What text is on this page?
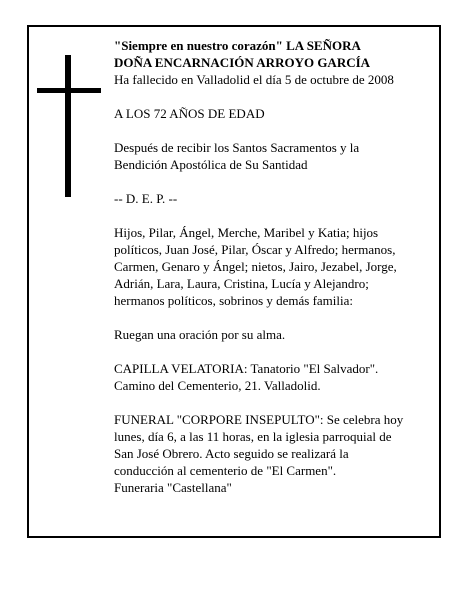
"Siempre en nuestro corazón" LA SEÑORA
DOÑA ENCARNACIÓN ARROYO GARCÍA
Ha fallecido en Valladolid el día 5 de octubre de 2008

A LOS 72 AÑOS DE EDAD

Después de recibir los Santos Sacramentos y la
Bendición Apostólica de Su Santidad

-- D. E. P. --

Hijos, Pilar, Ángel, Merche, Maribel y Katia; hijos
políticos, Juan José, Pilar, Óscar y Alfredo; hermanos,
Carmen, Genaro y Ángel; nietos, Jairo, Jezabel, Jorge,
Adrián, Lara, Laura, Cristina, Lucía y Alejandro;
hermanos políticos, sobrinos y demás familia:

Ruegan una oración por su alma.

CAPILLA VELATORIA: Tanatorio "El Salvador".
Camino del Cementerio, 21. Valladolid.

FUNERAL "CORPORE INSEPULTO": Se celebra hoy
lunes, día 6, a las 11 horas, en la iglesia parroquial de
San José Obrero. Acto seguido se realizará la
conducción al cementerio de "El Carmen".
Funeraria "Castellana"
